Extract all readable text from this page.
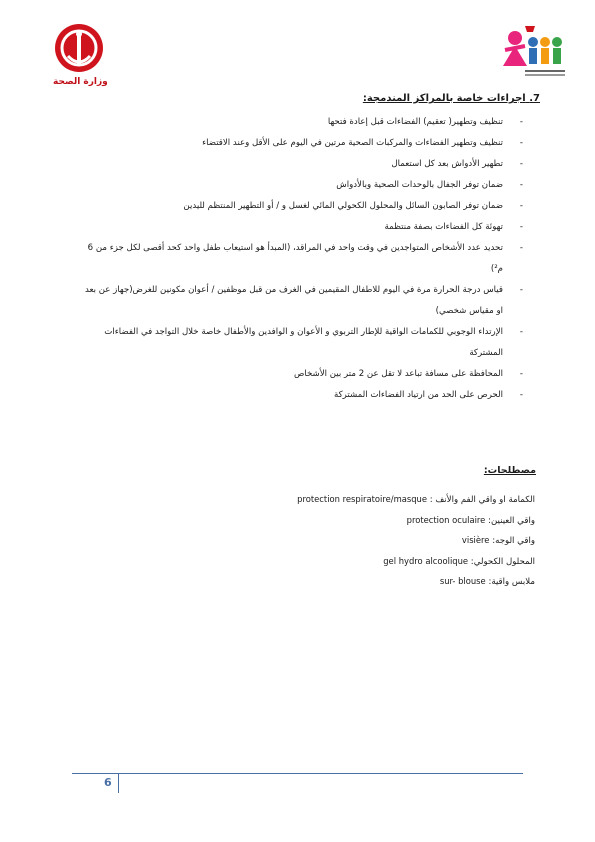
وزارة الصحة
7. اجراءات خاصة بالمراكز المندمجة:
- تنظيف وتطهير( تعقيم) الفضاءات قبل إعادة فتحها
- تنظيف وتطهير الفضاءات والمركبات الصحية مرتين في اليوم على الأقل وعند الاقتضاء
- تطهير الأدواش بعد كل استعمال
- ضمان توفر الجفال بالوحدات الصحية وبالأدواش
- ضمان توفر الصابون السائل والمحلول الكحولي المائي لغسل و / أو التطهير المنتظم لليدين
- تهوئة كل الفضاءات بصفة منتظمة
- تحديد عدد الأشخاص المتواجدين في وقت واحد في المراقد، (المبدأ هو استيعاب طفل واحد كحد أقصى لكل جزء من 6 م²)
- قياس درجة الحرارة مرة في اليوم للاطفال المقيمين في الغرف من قبل موظفين / أعوان مكونين للغرض(جهاز عن بعد او مقياس شخصي)
- الإرتداء الوجوبي للكمامات الواقية للإطار التربوي و الأعوان و الوافدين والأطفال خاصة خلال التواجد في الفضاءات المشتركة
- المحافظة على مسافة تباعد لا تقل عن 2 متر بين الأشخاص
- الحرص على الحد من ارتياد الفضاءات المشتركة
مصطلحات:
الكمامة او واقي الفم والأنف : protection respiratoire/masque
واقي العينين: protection oculaire
واقي الوجه: visière
المحلول الكحولي: gel hydro alcoolique
ملابس واقية: sur- blouse
6
